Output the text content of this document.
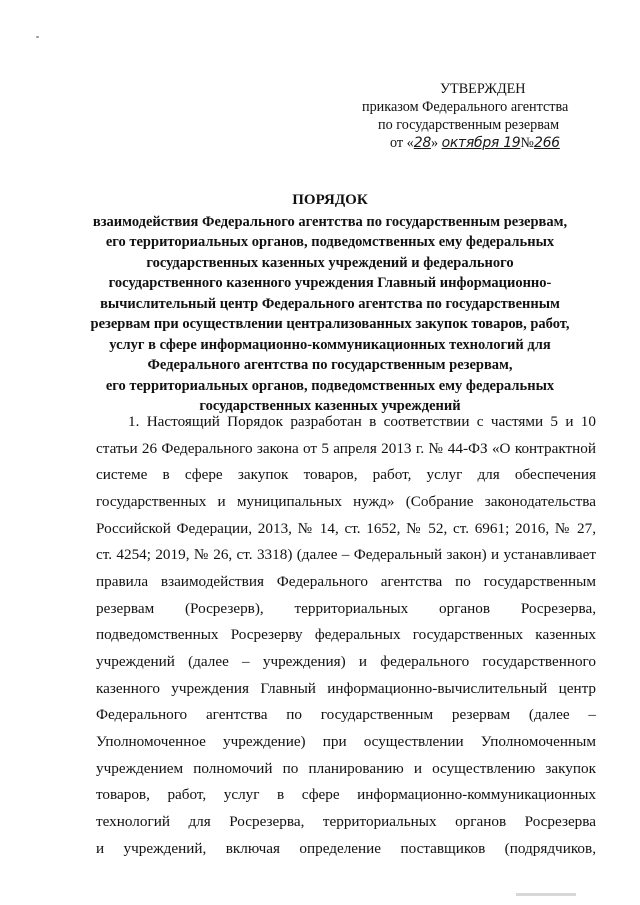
УТВЕРЖДЕН
приказом Федерального агентства
по государственным резервам
от «28» октября 19№266
ПОРЯДОК
взаимодействия Федерального агентства по государственным резервам,
его территориальных органов, подведомственных ему федеральных
государственных казенных учреждений и федерального
государственного казенного учреждения Главный информационно-
вычислительный центр Федерального агентства по государственным
резервам при осуществлении централизованных закупок товаров, работ,
услуг в сфере информационно-коммуникационных технологий для
Федерального агентства по государственным резервам,
его территориальных органов, подведомственных ему федеральных
государственных казенных учреждений
1. Настоящий Порядок разработан в соответствии с частями 5 и 10
статьи 26 Федерального закона от 5 апреля 2013 г. № 44-ФЗ «О контрактной
системе в сфере закупок товаров, работ, услуг для обеспечения
государственных и муниципальных нужд» (Собрание законодательства
Российской Федерации, 2013, № 14, ст. 1652, № 52, ст. 6961; 2016, № 27,
ст. 4254; 2019, № 26, ст. 3318) (далее – Федеральный закон) и устанавливает
правила взаимодействия Федерального агентства по государственным
резервам (Росрезерв), территориальных органов Росрезерва,
подведомственных Росрезерву федеральных государственных казенных
учреждений (далее – учреждения) и федерального государственного
казенного учреждения Главный информационно-вычислительный центр
Федерального агентства по государственным резервам (далее –
Уполномоченное учреждение) при осуществлении Уполномоченным
учреждением полномочий по планированию и осуществлению закупок
товаров, работ, услуг в сфере информационно-коммуникационных
технологий для Росрезерва, территориальных органов Росрезерва
и учреждений, включая определение поставщиков (подрядчиков,
